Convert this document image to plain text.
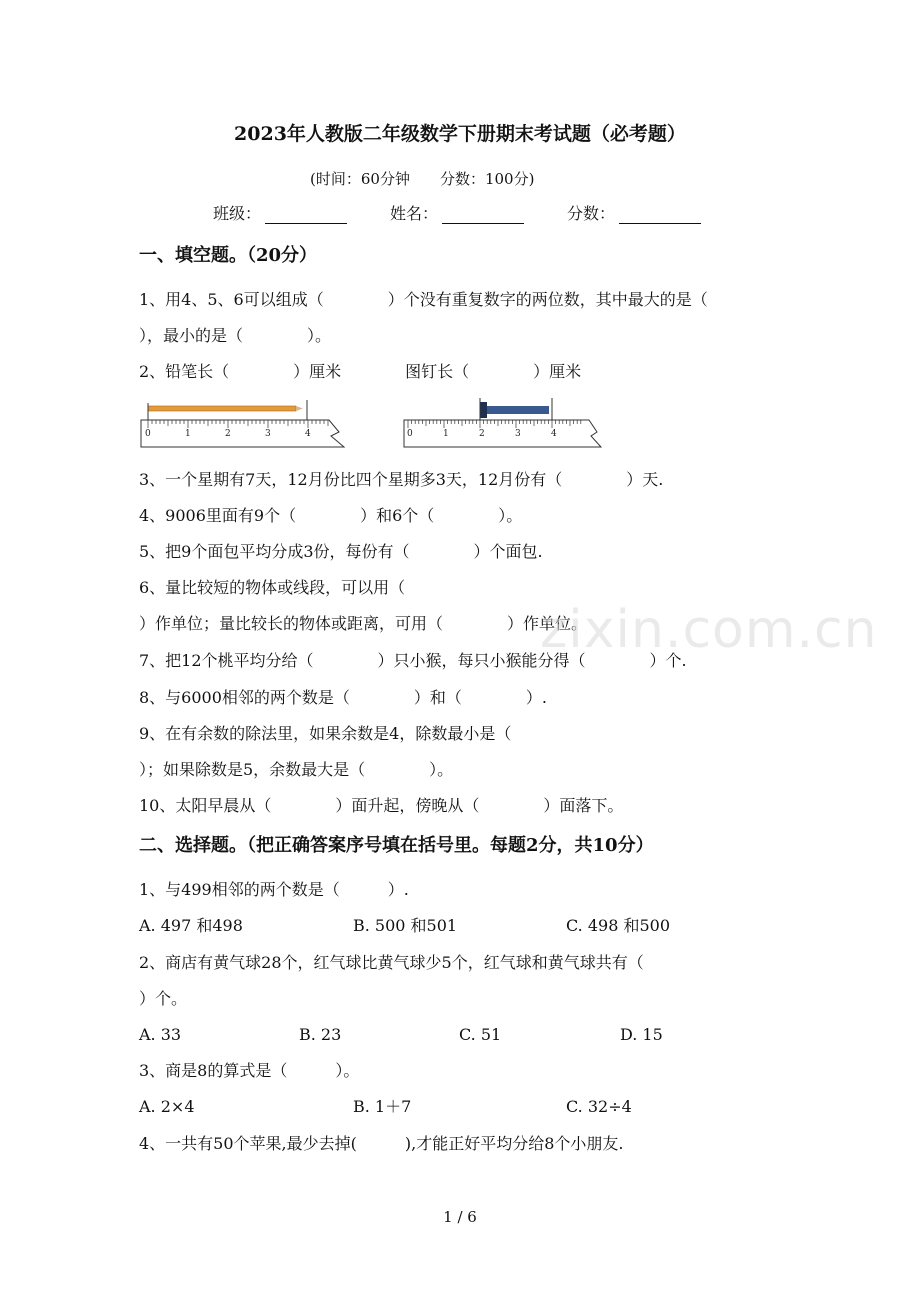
2023年人教版二年级数学下册期末考试题（必考题）
(时间：60分钟　　分数：100分)
班级：	姓名：	分数：
一、填空题。（20分）
1、用4、5、6可以组成（　　　　）个没有重复数字的两位数，其中最大的是（
），最小的是（　　　　）。
2、铅笔长（　　　　）厘米　　　　图钉长（　　　　）厘米
0	1	2	3	4	0	1	2	3	4
3、一个星期有7天，12月份比四个星期多3天，12月份有（　　　　）天.
4、9006里面有9个（　　　　）和6个（　　　　）。
5、把9个面包平均分成3份，每份有（　　　　）个面包.
6、量比较短的物体或线段，可以用（
）作单位；量比较长的物体或距离，可用（　　　　）作单位。
7、把12个桃平均分给（　　　　）只小猴，每只小猴能分得（　　　　）个.
8、与6000相邻的两个数是（　　　　）和（　　　　）.
9、在有余数的除法里，如果余数是4，除数最小是（
）；如果除数是5，余数最大是（　　　　）。
10、太阳早晨从（　　　　）面升起，傍晚从（　　　　）面落下。
二、选择题。（把正确答案序号填在括号里。每题2分，共10分）
1、与499相邻的两个数是（　　　）.
A. 497 和498	B. 500 和501	C. 498 和500
2、商店有黄气球28个，红气球比黄气球少5个，红气球和黄气球共有（
）个。
A. 33	B. 23	C. 51	D. 15
3、商是8的算式是（　　　）。
A. 2×4	B. 1＋7	C. 32÷4
4、一共有50个苹果,最少去掉(　　　),才能正好平均分给8个小朋友.
zixin.com.cn
1 / 6
